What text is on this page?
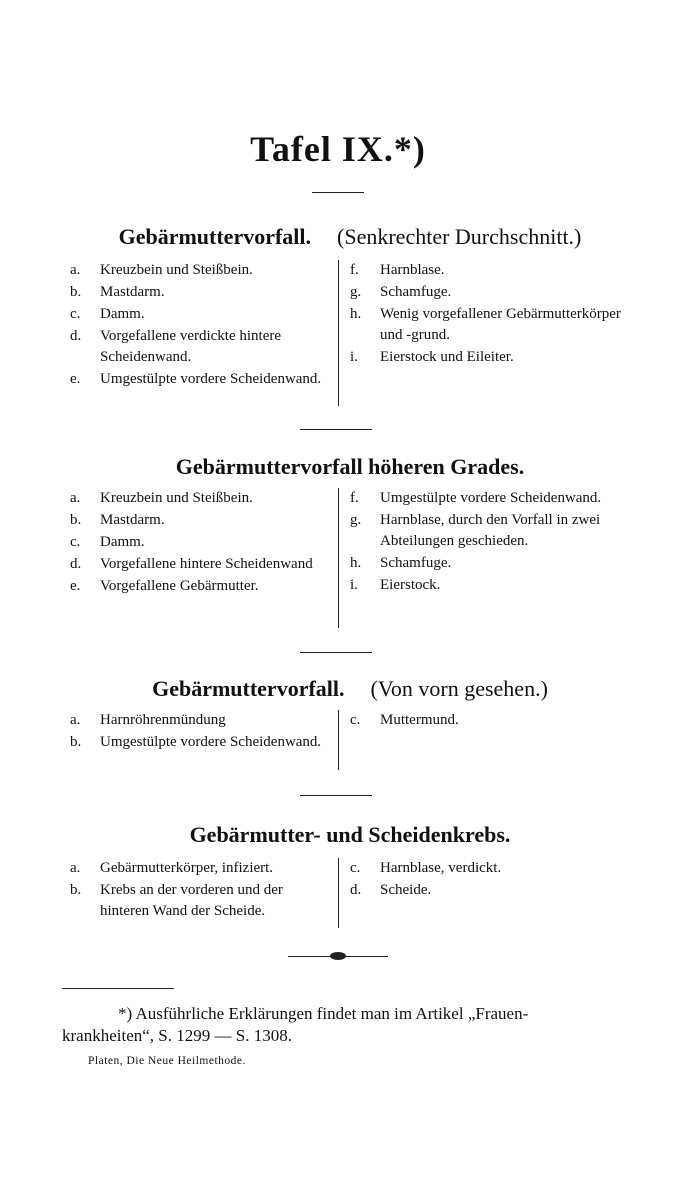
Tafel IX.*)
Gebärmuttervorfall. (Senkrechter Durchschnitt.)
a.	Kreuzbein und Steißbein.
b.	Mastdarm.
c.	Damm.
d.	Vorgefallene verdickte hintere Scheidenwand.
e.	Umgestülpte vordere Scheidenwand.
f.	Harnblase.
g.	Schamfuge.
h.	Wenig vorgefallener Gebärmutterkörper und -grund.
i.	Eierstock und Eileiter.
Gebärmuttervorfall höheren Grades.
a.	Kreuzbein und Steißbein.
b.	Mastdarm.
c.	Damm.
d.	Vorgefallene hintere Scheidenwand
e.	Vorgefallene Gebärmutter.
f.	Umgestülpte vordere Scheidenwand.
g.	Harnblase, durch den Vorfall in zwei Abteilungen geschieden.
h.	Schamfuge.
i.	Eierstock.
Gebärmuttervorfall. (Von vorn gesehen.)
a.	Harnröhrenmündung
b.	Umgestülpte vordere Scheidenwand.
c.	Muttermund.
Gebärmutter- und Scheidenkrebs.
a.	Gebärmutterkörper, infiziert.
b.	Krebs an der vorderen und der hinteren Wand der Scheide.
c.	Harnblase, verdickt.
d.	Scheide.
*) Ausführliche Erklärungen findet man im Artikel „Frauen-
krankheiten“, S. 1299 — S. 1308.
Platen, Die Neue Heilmethode.
